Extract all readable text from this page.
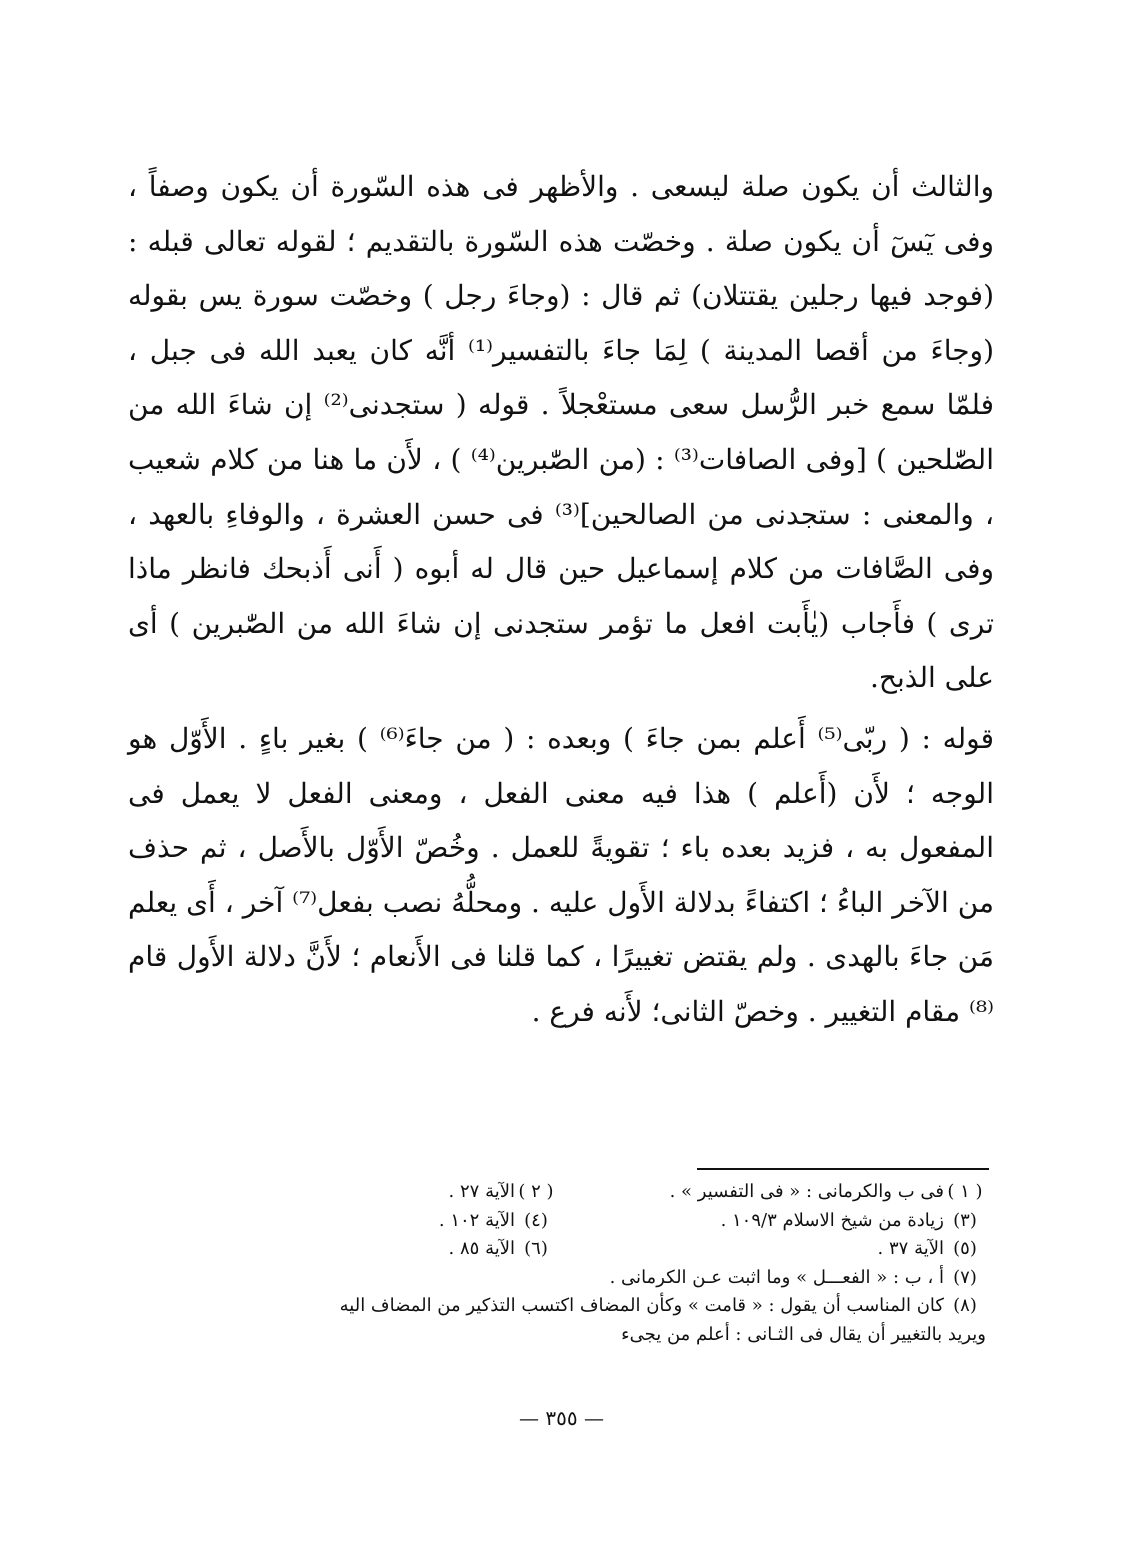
والثالث أن يكون صلة ليسعى . والأظهر فى هذه السّورة أن يكون وصفاً ، وفى يٓسٓ أن يكون صلة . وخصّت هذه السّورة بالتقديم ؛ لقوله تعالى قبله : (فوجد فيها رجلين يقتتلان) ثم قال : (وجاءَ رجل ) وخصّت سورة يس بقوله (وجاءَ من أقصا المدينة ) لِمَا جاءَ بالتفسير⁽¹⁾ أنَّه كان يعبد الله فى جبل ، فلمّا سمع خبر الرُّسل سعى مستعْجلاً . قوله ( ستجدنى⁽²⁾ إن شاءَ الله من الصّٰلحين ) [وفى الصافات⁽³⁾ : (من الصّٰبرين⁽⁴⁾ ) ، لأَن ما هنا من كلام شعيب ، والمعنى : ستجدنى من الصالحين]⁽³⁾ فى حسن العشرة ، والوفاءِ بالعهد ، وفى الصَّافات من كلام إسماعيل حين قال له أبوه ( أَنى أَذبحك فانظر ماذا ترى ) فأَجاب (يٰأَبت افعل ما تؤمر ستجدنى إن شاءَ الله من الصّٰبرين ) أى على الذبح.

قوله : ( ربّى⁽⁵⁾ أَعلم بمن جاءَ ) وبعده : ( من جاءَ⁽⁶⁾ ) بغير باءٍ . الأَوّل هو الوجه ؛ لأَن (أَعلم ) هذا فيه معنى الفعل ، ومعنى الفعل لا يعمل فى المفعول به ، فزيد بعده باء ؛ تقويةً للعمل . وخُصّ الأَوّل بالأَصل ، ثم حذف من الآخر الباءُ ؛ اكتفاءً بدلالة الأَول عليه . ومحلُّهُ نصب بفعل⁽⁷⁾ آخر ، أَى يعلم مَن جاءَ بالهدى . ولم يقتض تغييرًا ، كما قلنا فى الأَنعام ؛ لأَنَّ دلالة الأَول قام ⁽⁸⁾ مقام التغيير . وخصّ الثانى؛ لأَنه فرع .

( ١ )
فى ب والكرمانى : « فى التفسير » .
( ٢ )
الآية ٢٧ .
(٣)
زيادة من شيخ الاسلام ١٠٩/٣ .
(٤)
الآية ١٠٢ .
(٥)
الآية ٣٧ .
(٦)
الآية ٨٥ .
(٧)
أ ، ب : « الفعـــل » وما اثبت عـن الكرمانى .
(٨)
كان المناسب أن يقول : « قامت » وكأن المضاف اكتسب التذكير من المضاف اليه
ويريد بالتغيير أن يقال فى الثـانى : أعلم من يجىء
— ٣٥٥ —
